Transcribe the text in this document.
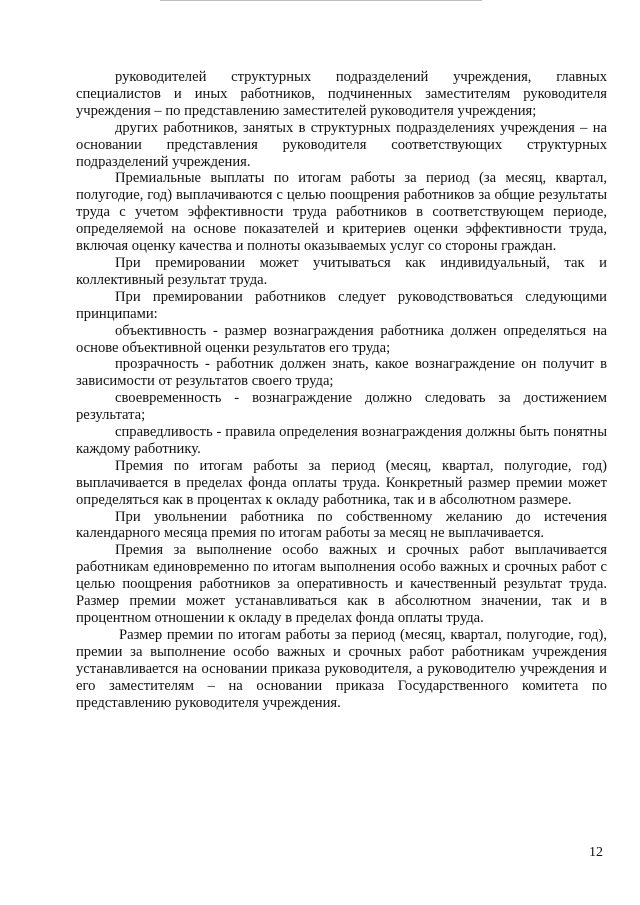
руководителей структурных подразделений учреждения, главных специалистов и иных работников, подчиненных заместителям руководителя учреждения – по представлению заместителей руководителя учреждения;

других работников, занятых в структурных подразделениях учреждения – на основании представления руководителя соответствующих структурных подразделений учреждения.

Премиальные выплаты по итогам работы за период (за месяц, квартал, полугодие, год) выплачиваются с целью поощрения работников за общие результаты труда с учетом эффективности труда работников в соответствующем периоде, определяемой на основе показателей и критериев оценки эффективности труда, включая оценку качества и полноты оказываемых услуг со стороны граждан.

При премировании может учитываться как индивидуальный, так и коллективный результат труда.

При премировании работников следует руководствоваться следующими принципами:

объективность - размер вознаграждения работника должен определяться на основе объективной оценки результатов его труда;

прозрачность - работник должен знать, какое вознаграждение он получит в зависимости от результатов своего труда;

своевременность - вознаграждение должно следовать за достижением результата;

справедливость - правила определения вознаграждения должны быть понятны каждому работнику.

Премия по итогам работы за период (месяц, квартал, полугодие, год) выплачивается в пределах фонда оплаты труда. Конкретный размер премии может определяться как в процентах к окладу работника, так и в абсолютном размере.

При увольнении работника по собственному желанию до истечения календарного месяца премия по итогам работы за месяц не выплачивается.

Премия за выполнение особо важных и срочных работ выплачивается работникам единовременно по итогам выполнения особо важных и срочных работ с целью поощрения работников за оперативность и качественный результат труда. Размер премии может устанавливаться как в абсолютном значении, так и в процентном отношении к окладу в пределах фонда оплаты труда.

Размер премии по итогам работы за период (месяц, квартал, полугодие, год), премии за выполнение особо важных и срочных работ работникам учреждения устанавливается на основании приказа руководителя, а руководителю учреждения и его заместителям – на основании приказа Государственного комитета по представлению руководителя учреждения.

12
